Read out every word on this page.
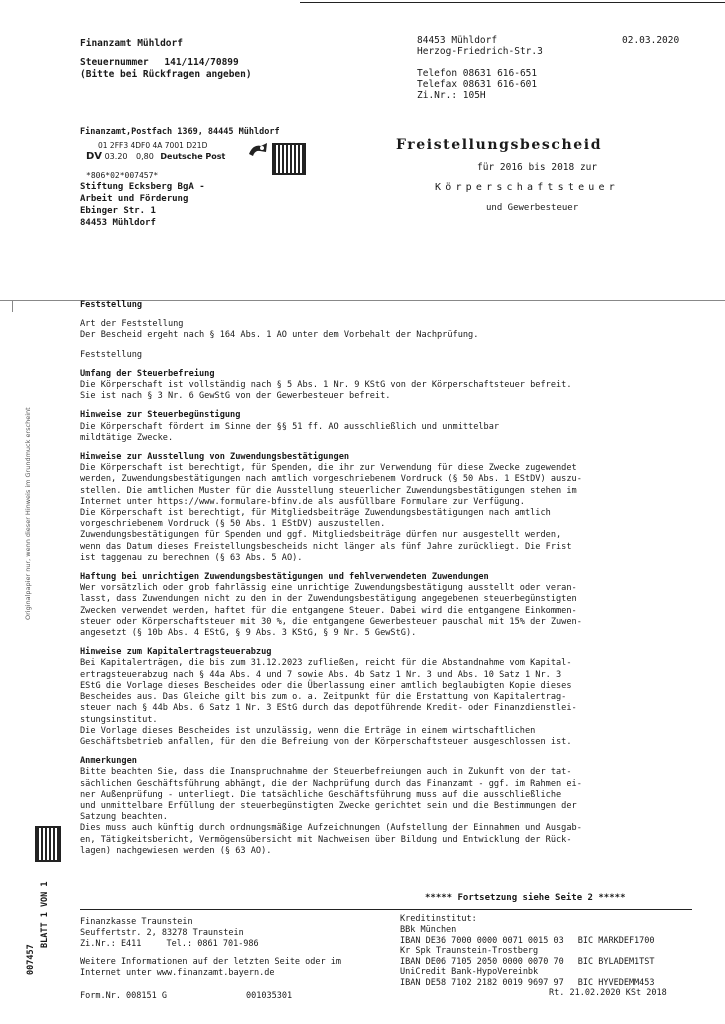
Finanzamt Mühldorf
Steuernummer 141/114/70899
(Bitte bei Rückfragen angeben)
84453 Mühldorf
Herzog-Friedrich-Str.3
02.03.2020
Telefon 08631 616-651
Telefax 08631 616-601
Zi.Nr.: 105H
Finanzamt,Postfach 1369, 84445 Mühldorf
01 2FF3 4DF0 4A 7001 D21D
DV 03.20 0,80 Deutsche Post
*806*02*007457*
Stiftung Ecksberg BgA -
Arbeit und Förderung
Ebinger Str. 1
84453 Mühldorf
Freistellungsbescheid
für 2016 bis 2018 zur
Körperschaftsteuer
und Gewerbesteuer
Originalpapier nur, wenn dieser Hinweis im Grundmuck erscheint
Feststellung
Art der Feststellung
Der Bescheid ergeht nach § 164 Abs. 1 AO unter dem Vorbehalt der Nachprüfung.
Feststellung
Umfang der Steuerbefreiung
Die Körperschaft ist vollständig nach § 5 Abs. 1 Nr. 9 KStG von der Körperschaftsteuer befreit.
Sie ist nach § 3 Nr. 6 GewStG von der Gewerbesteuer befreit.
Hinweise zur Steuerbegünstigung
Die Körperschaft fördert im Sinne der §§ 51 ff. AO ausschließlich und unmittelbar
mildtätige Zwecke.
Hinweise zur Ausstellung von Zuwendungsbestätigungen
Die Körperschaft ist berechtigt, für Spenden, die ihr zur Verwendung für diese Zwecke zugewendet
werden, Zuwendungsbestätigungen nach amtlich vorgeschriebenem Vordruck (§ 50 Abs. 1 EStDV) auszu-
stellen. Die amtlichen Muster für die Ausstellung steuerlicher Zuwendungsbestätigungen stehen im
Internet unter https://www.formulare-bfinv.de als ausfüllbare Formulare zur Verfügung.
Die Körperschaft ist berechtigt, für Mitgliedsbeiträge Zuwendungsbestätigungen nach amtlich
vorgeschriebenem Vordruck (§ 50 Abs. 1 EStDV) auszustellen.
Zuwendungsbestätigungen für Spenden und ggf. Mitgliedsbeiträge dürfen nur ausgestellt werden,
wenn das Datum dieses Freistellungsbescheids nicht länger als fünf Jahre zurückliegt. Die Frist
ist taggenau zu berechnen (§ 63 Abs. 5 AO).
Haftung bei unrichtigen Zuwendungsbestätigungen und fehlverwendeten Zuwendungen
Wer vorsätzlich oder grob fahrlässig eine unrichtige Zuwendungsbestätigung ausstellt oder veran-
lasst, dass Zuwendungen nicht zu den in der Zuwendungsbestätigung angegebenen steuerbegünstigten
Zwecken verwendet werden, haftet für die entgangene Steuer. Dabei wird die entgangene Einkommen-
steuer oder Körperschaftsteuer mit 30 %, die entgangene Gewerbesteuer pauschal mit 15% der Zuwen-
angesetzt (§ 10b Abs. 4 EStG, § 9 Abs. 3 KStG, § 9 Nr. 5 GewStG).
Hinweise zum Kapitalertragsteuerabzug
Bei Kapitalerträgen, die bis zum 31.12.2023 zufließen, reicht für die Abstandnahme vom Kapital-
ertragsteuerabzug nach § 44a Abs. 4 und 7 sowie Abs. 4b Satz 1 Nr. 3 und Abs. 10 Satz 1 Nr. 3
EStG die Vorlage dieses Bescheides oder die Überlassung einer amtlich beglaubigten Kopie dieses
Bescheides aus. Das Gleiche gilt bis zum o. a. Zeitpunkt für die Erstattung von Kapitalertrag-
steuer nach § 44b Abs. 6 Satz 1 Nr. 3 EStG durch das depotführende Kredit- oder Finanzdienstlei-
stungsinstitut.
Die Vorlage dieses Bescheides ist unzulässig, wenn die Erträge in einem wirtschaftlichen
Geschäftsbetrieb anfallen, für den die Befreiung von der Körperschaftsteuer ausgeschlossen ist.
Anmerkungen
Bitte beachten Sie, dass die Inanspruchnahme der Steuerbefreiungen auch in Zukunft von der tat-
sächlichen Geschäftsführung abhängt, die der Nachprüfung durch das Finanzamt - ggf. im Rahmen ei-
ner Außenprüfung - unterliegt. Die tatsächliche Geschäftsführung muss auf die ausschließliche
und unmittelbare Erfüllung der steuerbegünstigten Zwecke gerichtet sein und die Bestimmungen der
Satzung beachten.
Dies muss auch künftig durch ordnungsmäßige Aufzeichnungen (Aufstellung der Einnahmen und Ausgab-
en, Tätigkeitsbericht, Vermögensübersicht mit Nachweisen über Bildung und Entwicklung der Rück-
lagen) nachgewiesen werden (§ 63 AO).
***** Fortsetzung siehe Seite 2 *****
BLATT 1 VON 1
007457
Finanzkasse Traunstein
Seuffertstr. 2, 83278 Traunstein
Zi.Nr.: E411	Tel.: 0861 701-986
Weitere Informationen auf der letzten Seite oder im
Internet unter www.finanzamt.bayern.de
Form.Nr. 008151 G	001035301
Kreditinstitut:
BBk München
IBAN DE36 7000 0000 0071 0015 03 BIC MARKDEF1700
Kr Spk Traunstein-Trostberg
IBAN DE06 7105 2050 0000 0070 70 BIC BYLADEM1TST
UniCredit Bank-HypoVereinbk
IBAN DE58 7102 2182 0019 9697 97 BIC HYVEDEMM453
Rt. 21.02.2020 KSt 2018
